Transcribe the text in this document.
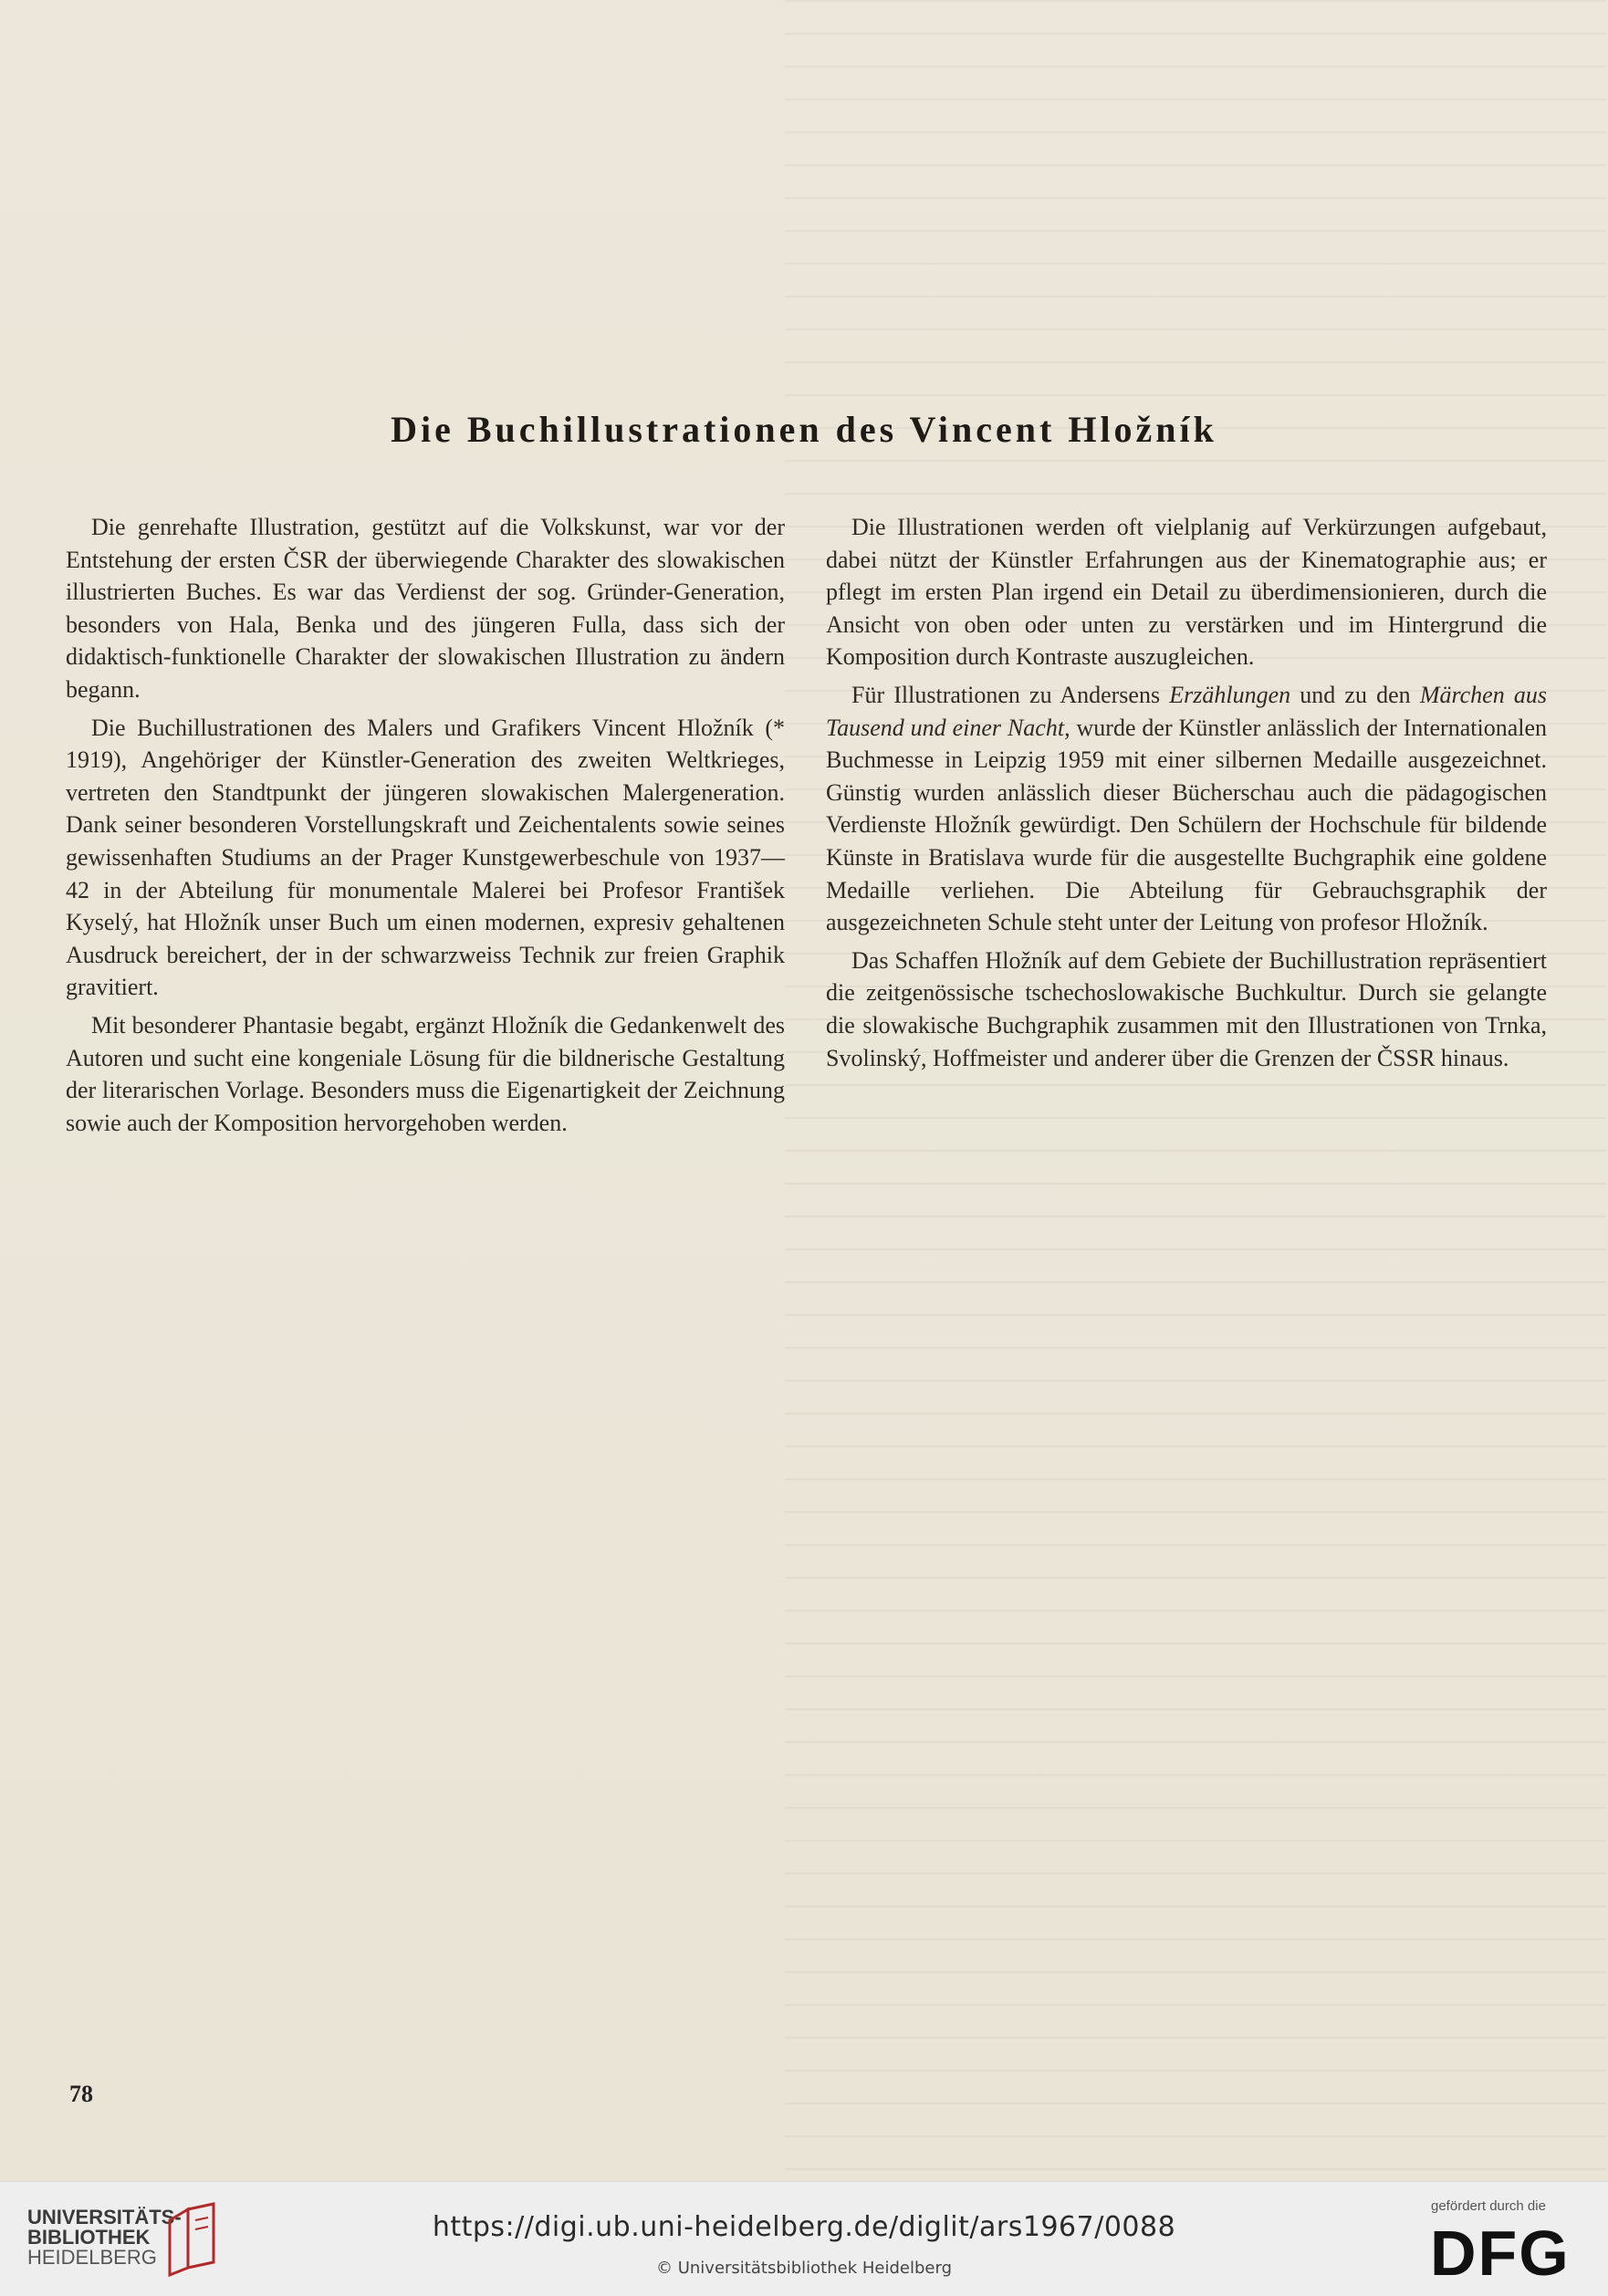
Die Buchillustrationen des Vincent Hložník

Die genrehafte Illustration, gestützt auf die Volkskunst, war vor der Entstehung der ersten ČSR der überwiegende Charakter des slowakischen illustrierten Buches. Es war das Verdienst der sog. Gründer-Generation, besonders von Hala, Benka und des jüngeren Fulla, dass sich der didaktisch-funktionelle Charakter der slowakischen Illustration zu ändern begann.

Die Buchillustrationen des Malers und Grafikers Vincent Hložník (* 1919), Angehöriger der Künstler-Generation des zweiten Weltkrieges, vertreten den Standtpunkt der jüngeren slowakischen Malergeneration. Dank seiner besonderen Vorstellungskraft und Zeichentalents sowie seines gewissenhaften Studiums an der Prager Kunstgewerbeschule von 1937—42 in der Abteilung für monumentale Malerei bei Profesor František Kyselý, hat Hložník unser Buch um einen modernen, expresiv gehaltenen Ausdruck bereichert, der in der schwarzweiss Technik zur freien Graphik gravitiert.

Mit besonderer Phantasie begabt, ergänzt Hložník die Gedankenwelt des Autoren und sucht eine kongeniale Lösung für die bildnerische Gestaltung der literarischen Vorlage. Besonders muss die Eigenartigkeit der Zeichnung sowie auch der Komposition hervorgehoben werden.

Die Illustrationen werden oft vielplanig auf Verkürzungen aufgebaut, dabei nützt der Künstler Erfahrungen aus der Kinematographie aus; er pflegt im ersten Plan irgend ein Detail zu überdimensionieren, durch die Ansicht von oben oder unten zu verstärken und im Hintergrund die Komposition durch Kontraste auszugleichen.

Für Illustrationen zu Andersens Erzählungen und zu den Märchen aus Tausend und einer Nacht, wurde der Künstler anlässlich der Internationalen Buchmesse in Leipzig 1959 mit einer silbernen Medaille ausgezeichnet. Günstig wurden anlässlich dieser Bücherschau auch die pädagogischen Verdienste Hložník gewürdigt. Den Schülern der Hochschule für bildende Künste in Bratislava wurde für die ausgestellte Buchgraphik eine goldene Medaille verliehen. Die Abteilung für Gebrauchsgraphik der ausgezeichneten Schule steht unter der Leitung von profesor Hložník.

Das Schaffen Hložník auf dem Gebiete der Buchillustration repräsentiert die zeitgenössische tschechoslowakische Buchkultur. Durch sie gelangte die slowakische Buchgraphik zusammen mit den Illustrationen von Trnka, Svolinský, Hoffmeister und anderer über die Grenzen der ČSSR hinaus.

78
UNIVERSITÄTS-
BIBLIOTHEK
HEIDELBERG
https://digi.ub.uni-heidelberg.de/diglit/ars1967/0088
© Universitätsbibliothek Heidelberg
gefördert durch die
DFG
